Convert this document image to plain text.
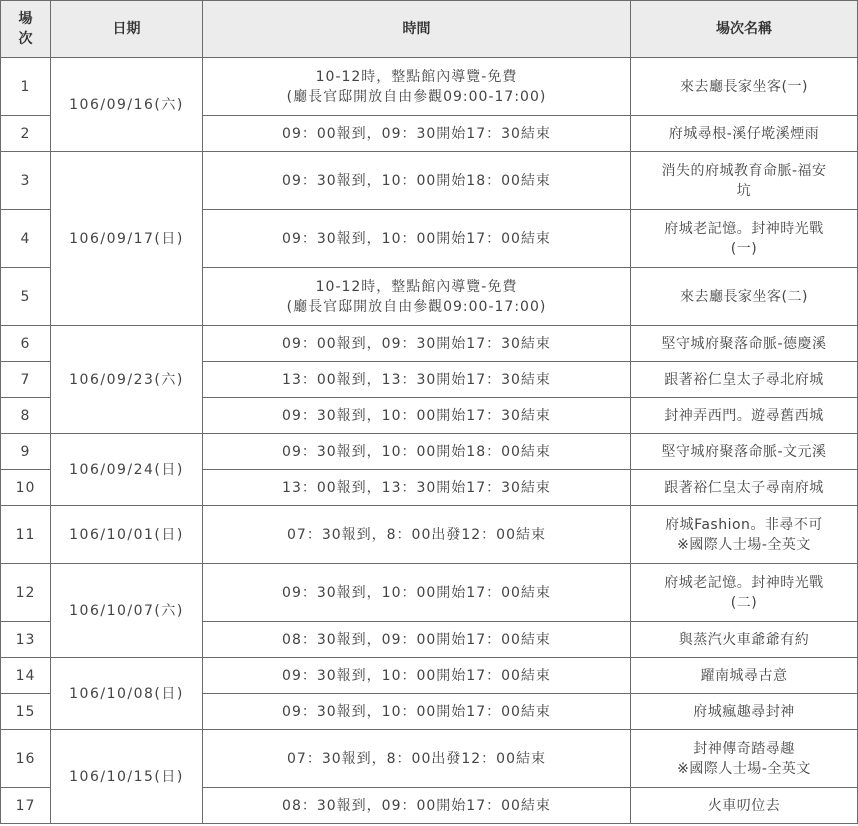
場
次	日期	時間	場次名稱
1	106/09/16(六)	10-12時，整點館內導覽-免費
(廳長官邸開放自由參觀09:00-17:00)	來去廳長家坐客(一)

2		09：00報到，09：30開始17：30結束	府城尋根-溪仔墘溪煙雨

3	106/09/17(日)	09：30報到，10：00開始18：00結束	消失的府城教育命脈-福安
坑

4		09：30報到，10：00開始17：00結束	府城老記憶。封神時光戰
(一)

5		10-12時，整點館內導覽-免費
(廳長官邸開放自由參觀09:00-17:00)	來去廳長家坐客(二)

6	106/09/23(六)	09：00報到，09：30開始17：30結束	堅守城府聚落命脈-德慶溪

7		13：00報到，13：30開始17：30結束	跟著裕仁皇太子尋北府城

8		09：30報到，10：00開始17：30結束	封神弄西門。遊尋舊西城

9	106/09/24(日)	09：30報到，10：00開始18：00結束	堅守城府聚落命脈-文元溪

10		13：00報到，13：30開始17：30結束	跟著裕仁皇太子尋南府城

11	106/10/01(日)	07：30報到，8：00出發12：00結束	府城Fashion。非尋不可
※國際人士場-全英文

12	106/10/07(六)	09：30報到，10：00開始17：00結束	府城老記憶。封神時光戰
(二)

13		08：30報到，09：00開始17：00結束	與蒸汽火車爺爺有約

14	106/10/08(日)	09：30報到，10：00開始17：00結束	躍南城尋古意

15		09：30報到，10：00開始17：00結束	府城瘋趣尋封神

16	106/10/15(日)	07：30報到，8：00出發12：00結束	封神傳奇踏尋趣
※國際人士場-全英文

17		08：30報到，09：00開始17：00結束	火車叨位去
